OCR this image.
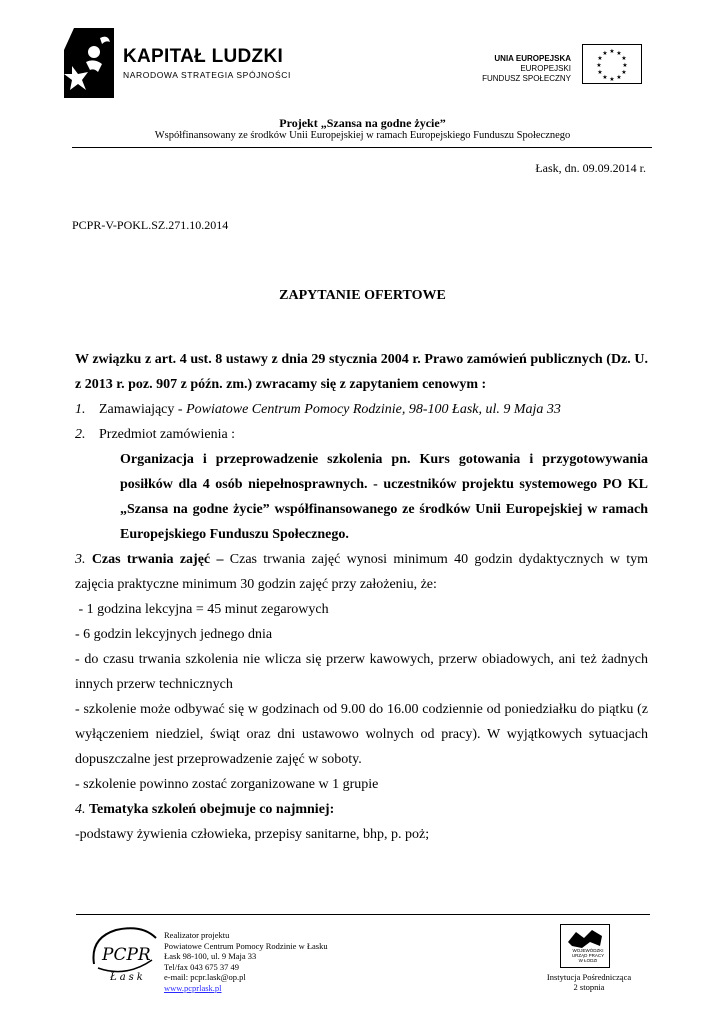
KAPITAŁ LUDZKI
NARODOWA STRATEGIA SPÓJNOŚCI
UNIA EUROPEJSKA
EUROPEJSKI
FUNDUSZ SPOŁECZNY
★ ★
★
★
★
★
★
★
★
★
★
★
Projekt „Szansa na godne życie”
Współfinansowany ze środków Unii Europejskiej w ramach Europejskiego Funduszu Społecznego
Łask, dn. 09.09.2014 r.
PCPR-V-POKL.SZ.271.10.2014
ZAPYTANIE OFERTOWE

W związku z art. 4 ust. 8 ustawy z dnia 29 stycznia 2004 r. Prawo zamówień publicznych (Dz. U. z 2013 r. poz. 907 z późn. zm.) zwracamy się z zapytaniem cenowym :

1. Zamawiający - Powiatowe Centrum Pomocy Rodzinie, 98-100 Łask, ul. 9 Maja 33

2. Przedmiot zamówienia :

Organizacja i przeprowadzenie szkolenia pn. Kurs gotowania i przygotowywania posiłków dla 4 osób niepełnosprawnych. - uczestników projektu systemowego PO KL „Szansa na godne życie” współfinansowanego ze środków Unii Europejskiej w ramach Europejskiego Funduszu Społecznego.

3. Czas trwania zajęć – Czas trwania zajęć wynosi minimum 40 godzin dydaktycznych w tym zajęcia praktyczne minimum 30 godzin zajęć przy założeniu, że:

- 1 godzina lekcyjna = 45 minut zegarowych

- 6 godzin lekcyjnych jednego dnia

- do czasu trwania szkolenia nie wlicza się przerw kawowych, przerw obiadowych, ani też żadnych innych przerw technicznych

- szkolenie może odbywać się w godzinach od 9.00 do 16.00 codziennie od poniedziałku do piątku (z wyłączeniem niedziel, świąt oraz dni ustawowo wolnych od pracy). W wyjątkowych sytuacjach dopuszczalne jest przeprowadzenie zajęć w soboty.

- szkolenie powinno zostać zorganizowane w 1 grupie

4. Tematyka szkoleń obejmuje co najmniej:

-podstawy żywienia człowieka, przepisy sanitarne, bhp, p. poż;

PCPR
Łask
Realizator projektu
Powiatowe Centrum Pomocy Rodzinie w Łasku
Łask 98-100, ul. 9 Maja 33
Tel/fax 043 675 37 49
e-mail: pcpr.lask@op.pl
www.pcprlask.pl
WOJEWÓDZKI
URZĄD PRACY
W ŁODZI
Instytucja Pośrednicząca
2 stopnia
